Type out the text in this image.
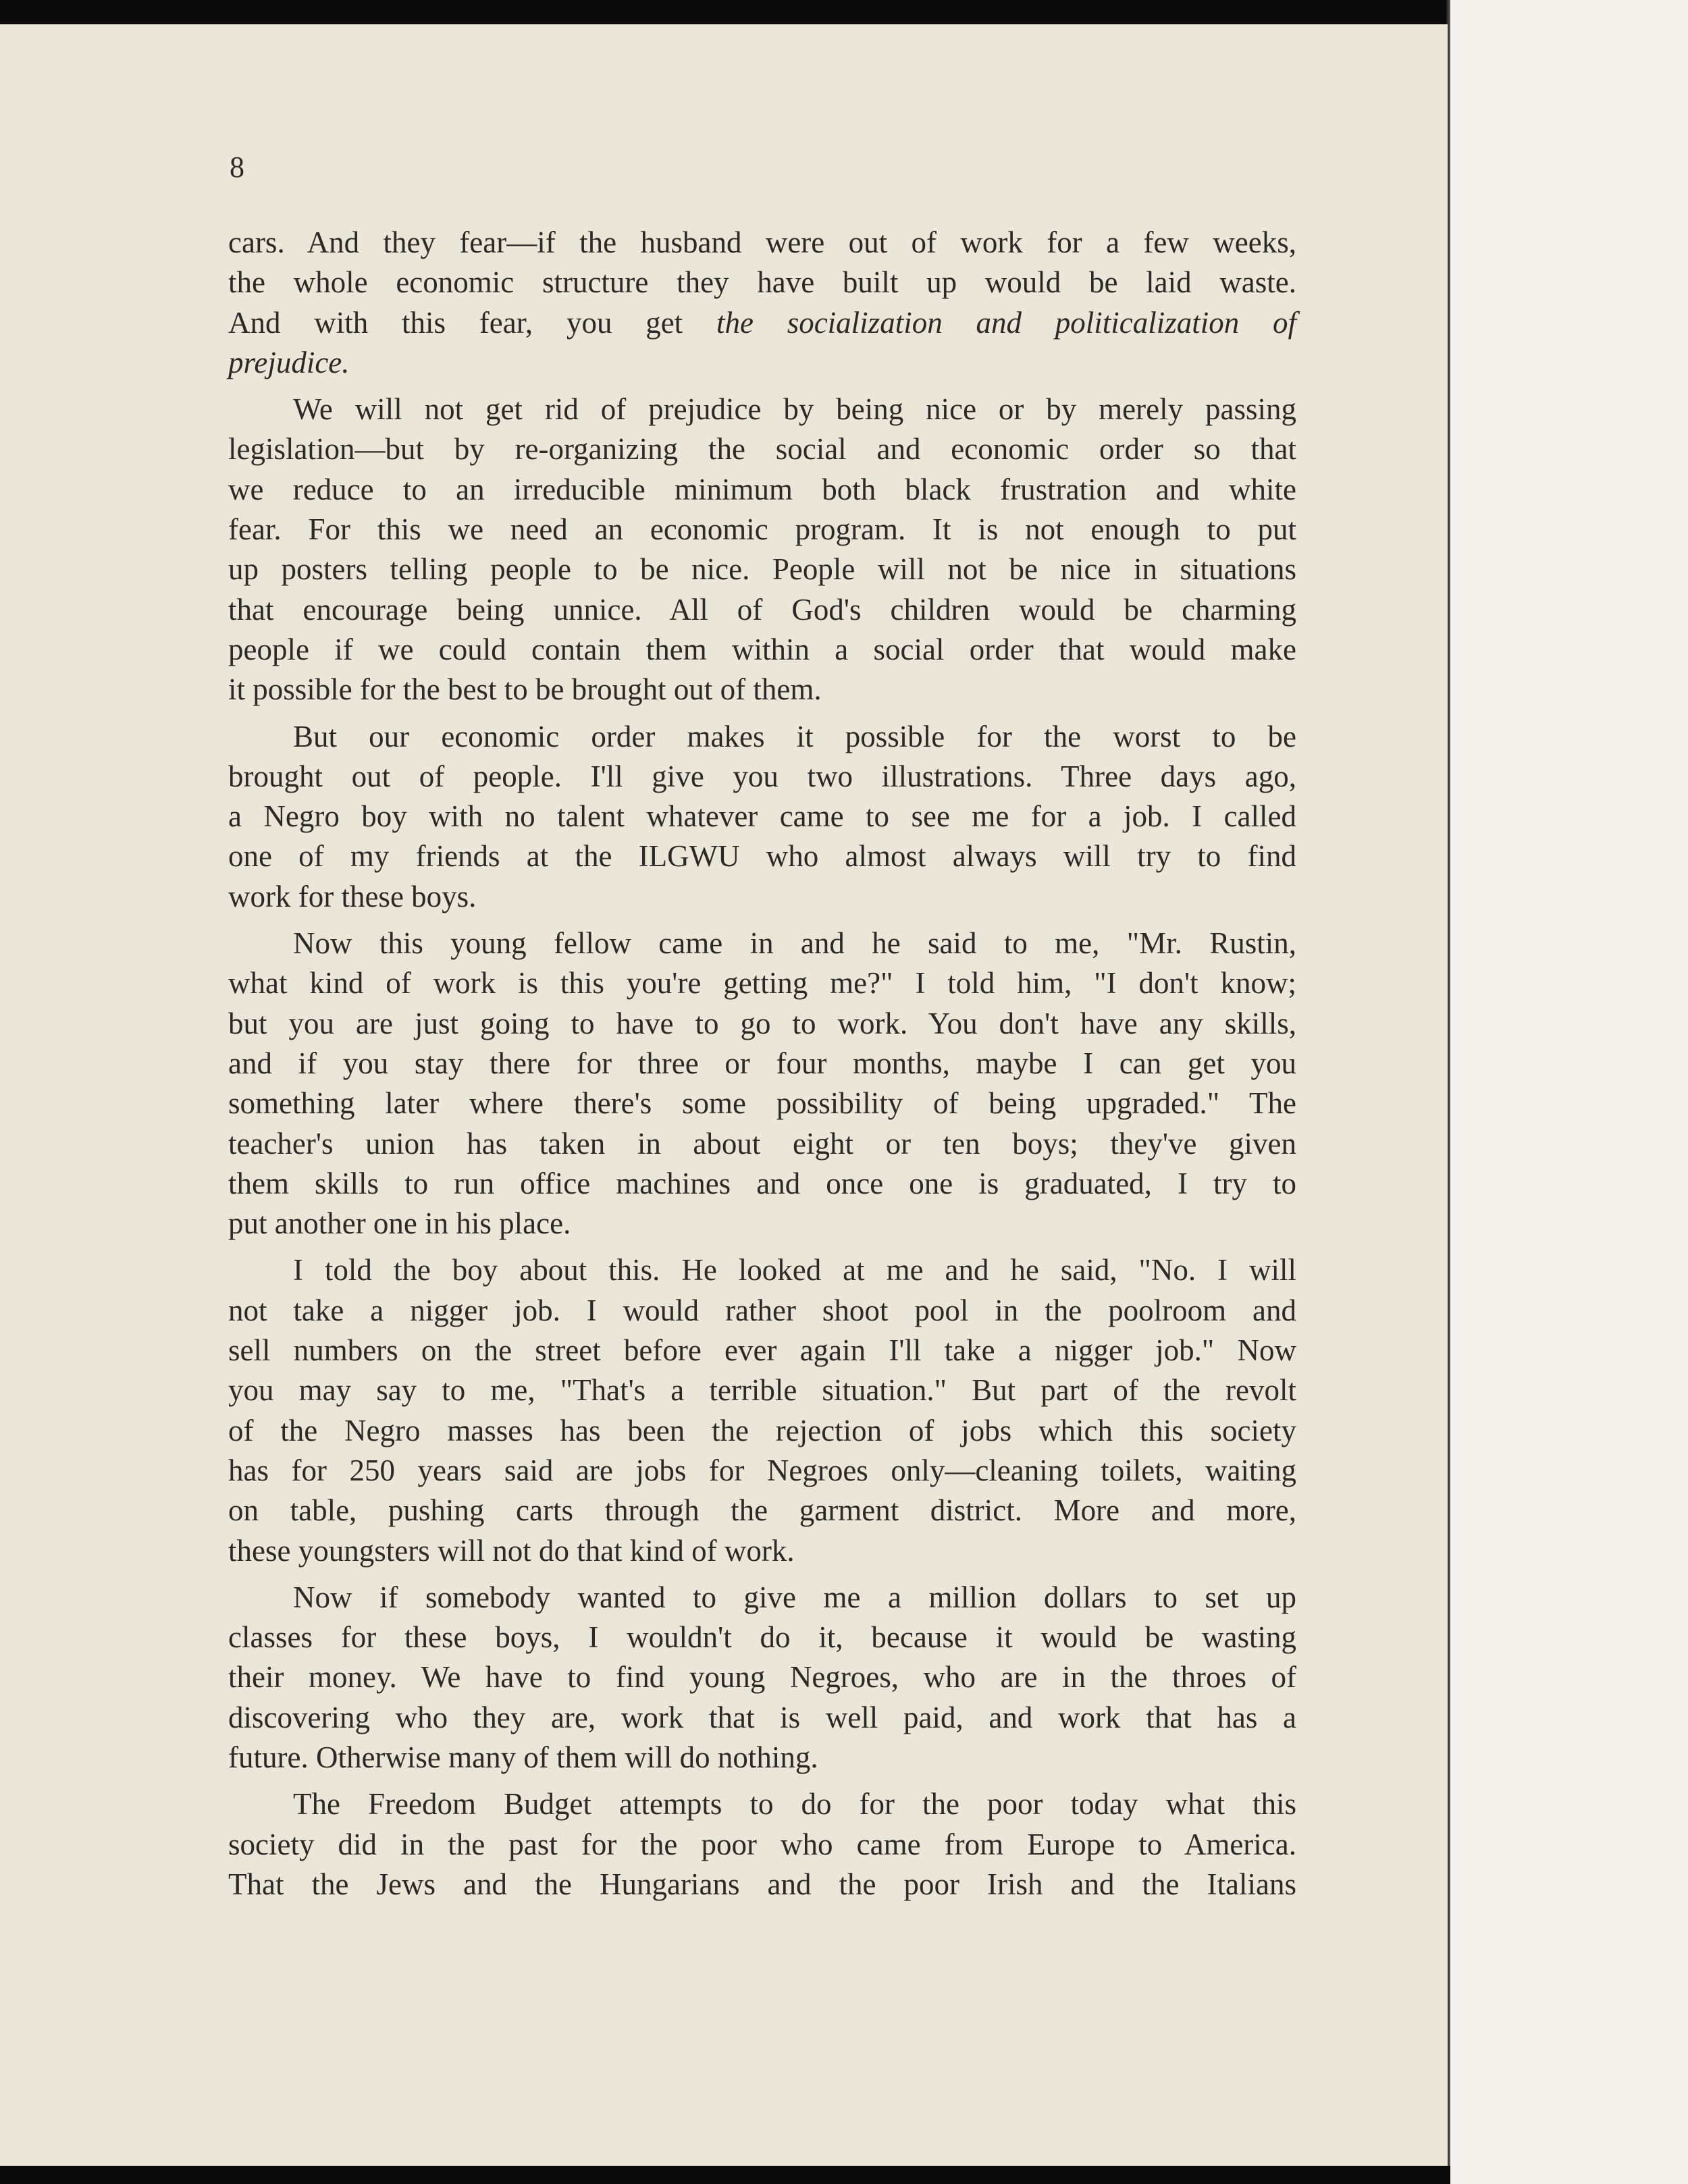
8

cars. And they fear—if the husband were out of work for a few weeks,
the whole economic structure they have built up would be laid waste.
And with this fear, you get the socialization and politicalization of
prejudice.
We will not get rid of prejudice by being nice or by merely passing
legislation—but by re-organizing the social and economic order so that
we reduce to an irreducible minimum both black frustration and white
fear. For this we need an economic program. It is not enough to put
up posters telling people to be nice. People will not be nice in situations
that encourage being unnice. All of God's children would be charming
people if we could contain them within a social order that would make
it possible for the best to be brought out of them.
But our economic order makes it possible for the worst to be
brought out of people. I'll give you two illustrations. Three days ago,
a Negro boy with no talent whatever came to see me for a job. I called
one of my friends at the ILGWU who almost always will try to find
work for these boys.
Now this young fellow came in and he said to me, "Mr. Rustin,
what kind of work is this you're getting me?" I told him, "I don't know;
but you are just going to have to go to work. You don't have any skills,
and if you stay there for three or four months, maybe I can get you
something later where there's some possibility of being upgraded." The
teacher's union has taken in about eight or ten boys; they've given
them skills to run office machines and once one is graduated, I try to
put another one in his place.
I told the boy about this. He looked at me and he said, "No. I will
not take a nigger job. I would rather shoot pool in the poolroom and
sell numbers on the street before ever again I'll take a nigger job." Now
you may say to me, "That's a terrible situation." But part of the revolt
of the Negro masses has been the rejection of jobs which this society
has for 250 years said are jobs for Negroes only—cleaning toilets, waiting
on table, pushing carts through the garment district. More and more,
these youngsters will not do that kind of work.
Now if somebody wanted to give me a million dollars to set up
classes for these boys, I wouldn't do it, because it would be wasting
their money. We have to find young Negroes, who are in the throes of
discovering who they are, work that is well paid, and work that has a
future. Otherwise many of them will do nothing.
The Freedom Budget attempts to do for the poor today what this
society did in the past for the poor who came from Europe to America.
That the Jews and the Hungarians and the poor Irish and the Italians
